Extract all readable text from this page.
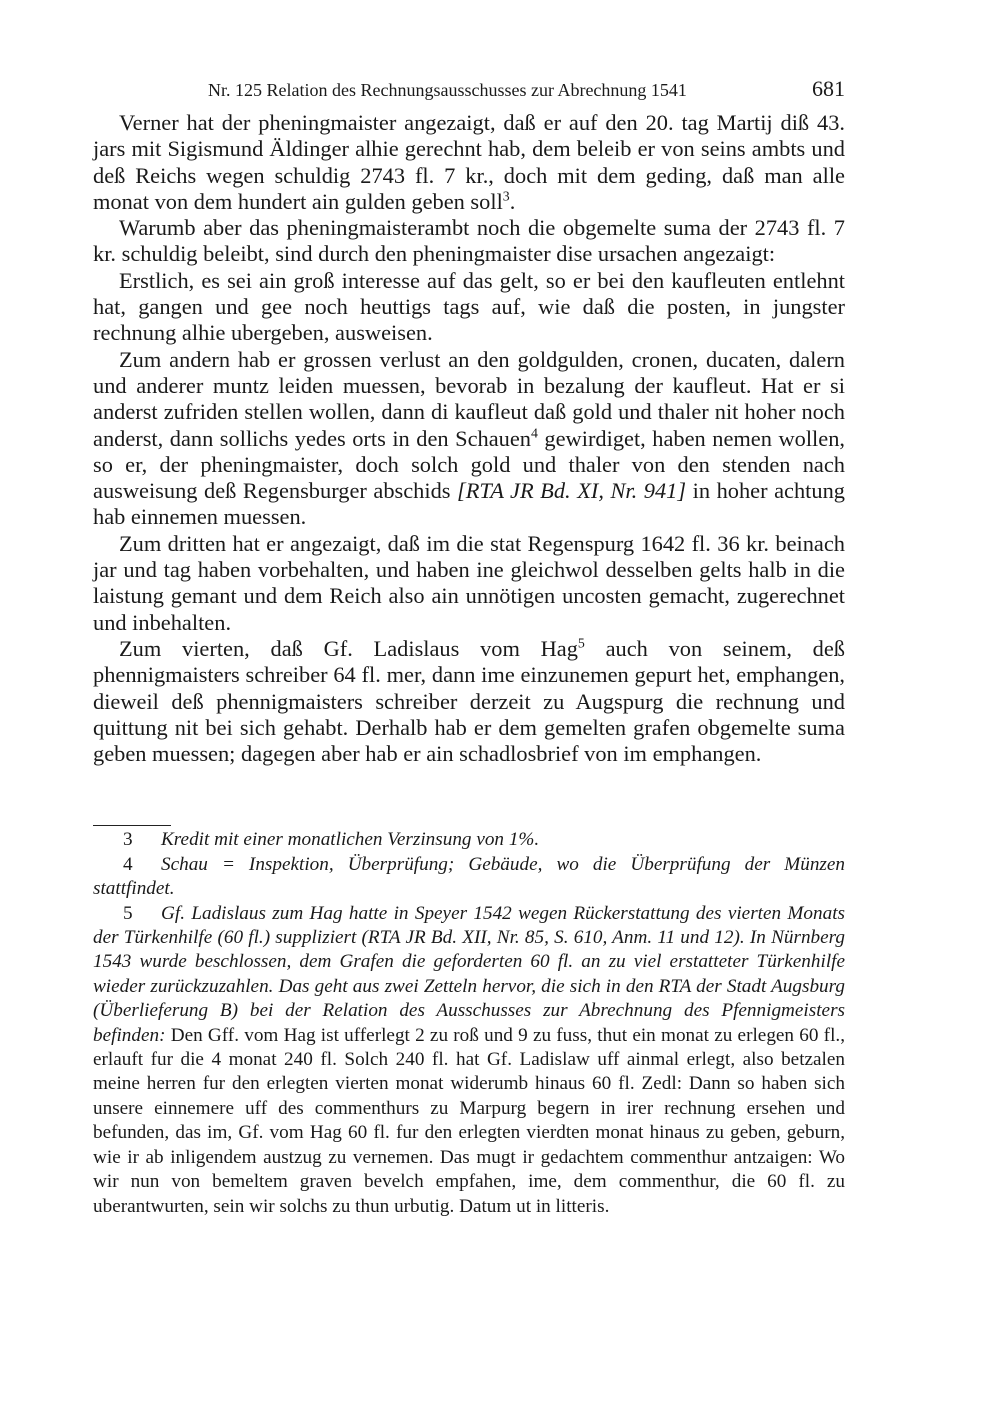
Nr. 125 Relation des Rechnungsausschusses zur Abrechnung 1541	681

Verner hat der pheningmaister angezaigt, daß er auf den 20. tag Martij diß 43. jars mit Sigismund Äldinger alhie gerechnt hab, dem beleib er von seins ambts und deß Reichs wegen schuldig 2743 fl. 7 kr., doch mit dem geding, daß man alle monat von dem hundert ain gulden geben soll$^3$.

Warumb aber das pheningmaisterambt noch die obgemelte suma der 2743 fl. 7 kr. schuldig beleibt, sind durch den pheningmaister dise ursachen angezaigt:

Erstlich, es sei ain groß interesse auf das gelt, so er bei den kaufleuten entlehnt hat, gangen und gee noch heuttigs tags auf, wie daß die posten, in jungster rechnung alhie ubergeben, ausweisen.

Zum andern hab er grossen verlust an den goldgulden, cronen, ducaten, dalern und anderer muntz leiden muessen, bevorab in bezalung der kaufleut. Hat er si anderst zufriden stellen wollen, dann di kaufleut daß gold und thaler nit hoher noch anderst, dann sollichs yedes orts in den Schauen$^4$ gewirdiget, haben nemen wollen, so er, der pheningmaister, doch solch gold und thaler von den stenden nach ausweisung deß Regensburger abschids [RTA JR Bd. XI, Nr. 941] in hoher achtung hab einnemen muessen.

Zum dritten hat er angezaigt, daß im die stat Regenspurg 1642 fl. 36 kr. beinach jar und tag haben vorbehalten, und haben ine gleichwol desselben gelts halb in die laistung gemant und dem Reich also ain unnötigen uncosten gemacht, zugerechnet und inbehalten.

Zum vierten, daß Gf. Ladislaus vom Hag$^5$ auch von seinem, deß phennigmaisters schreiber 64 fl. mer, dann ime einzunemen gepurt het, emphangen, dieweil deß phennigmaisters schreiber derzeit zu Augspurg die rechnung und quittung nit bei sich gehabt. Derhalb hab er dem gemelten grafen obgemelte suma geben muessen; dagegen aber hab er ain schadlosbrief von im emphangen.

3 Kredit mit einer monatlichen Verzinsung von 1%.

4 Schau = Inspektion, Überprüfung; Gebäude, wo die Überprüfung der Münzen stattfindet.

5 Gf. Ladislaus zum Hag hatte in Speyer 1542 wegen Rückerstattung des vierten Monats der Türkenhilfe (60 fl.) suppliziert (RTA JR Bd. XII, Nr. 85, S. 610, Anm. 11 und 12). In Nürnberg 1543 wurde beschlossen, dem Grafen die geforderten 60 fl. an zu viel erstatteter Türkenhilfe wieder zurückzuzahlen. Das geht aus zwei Zetteln hervor, die sich in den RTA der Stadt Augsburg (Überlieferung B) bei der Relation des Ausschusses zur Abrechnung des Pfennigmeisters befinden: Den Gff. vom Hag ist ufferlegt 2 zu roß und 9 zu fuss, thut ein monat zu erlegen 60 fl., erlauft fur die 4 monat 240 fl. Solch 240 fl. hat Gf. Ladislaw uff ainmal erlegt, also betzalen meine herren fur den erlegten vierten monat widerumb hinaus 60 fl. Zedl: Dann so haben sich unsere einnemere uff des commenthurs zu Marpurg begern in irer rechnung ersehen und befunden, das im, Gf. vom Hag 60 fl. fur den erlegten vierdten monat hinaus zu geben, geburn, wie ir ab inligendem austzug zu vernemen. Das mugt ir gedachtem commenthur antzaigen: Wo wir nun von bemeltem graven bevelch empfahen, ime, dem commenthur, die 60 fl. zu uberantwurten, sein wir solchs zu thun urbutig. Datum ut in litteris.
